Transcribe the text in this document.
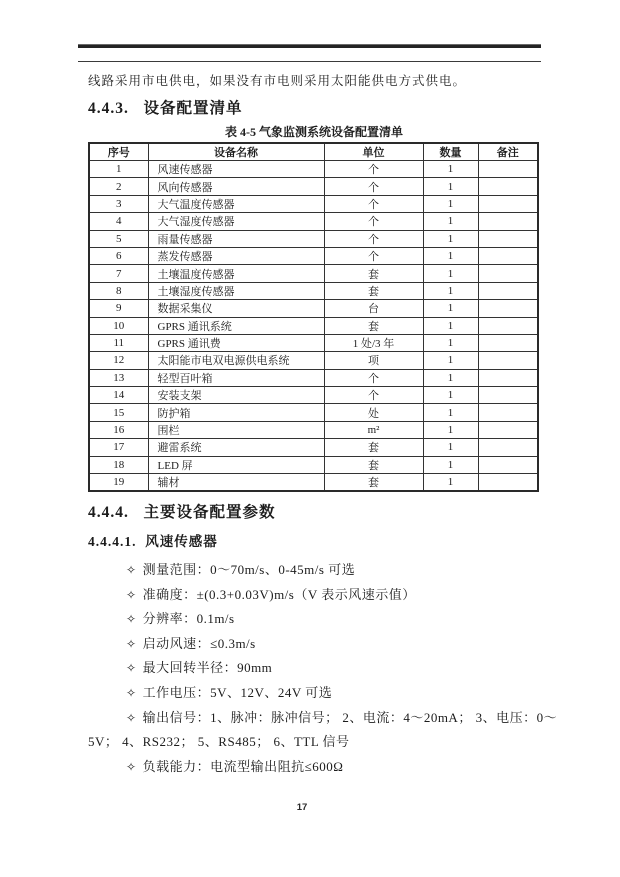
线路采用市电供电，如果没有市电则采用太阳能供电方式供电。

4.4.3.   设备配置清单
表 4-5 气象监测系统设备配置清单
序号	设备名称	单位	数量	备注
1	风速传感器	个	1	
2	风向传感器	个	1	
3	大气温度传感器	个	1	
4	大气湿度传感器	个	1	
5	雨量传感器	个	1	
6	蒸发传感器	个	1	
7	土壤温度传感器	套	1	
8	土壤湿度传感器	套	1	
9	数据采集仪	台	1	
10	GPRS 通讯系统	套	1	
11	GPRS 通讯费	1 处/3 年	1	
12	太阳能市电双电源供电系统	项	1	
13	轻型百叶箱	个	1	
14	安装支架	个	1	
15	防护箱	处	1	
16	围栏	m²	1	
17	避雷系统	套	1	
18	LED 屏	套	1	
19	辅材	套	1	
4.4.4.   主要设备配置参数
4.4.4.1.  风速传感器

✧ 测量范围：0～70m/s、0-45m/s 可选

✧ 准确度：±(0.3+0.03V)m/s（V 表示风速示值）

✧ 分辨率：0.1m/s

✧ 启动风速：≤0.3m/s

✧ 最大回转半径：90mm

✧ 工作电压：5V、12V、24V 可选

✧ 输出信号：1、脉冲：脉冲信号； 2、电流：4～20mA； 3、电压：0～5V； 4、RS232； 5、RS485； 6、TTL 信号

✧ 负载能力：电流型输出阻抗≤600Ω

17
